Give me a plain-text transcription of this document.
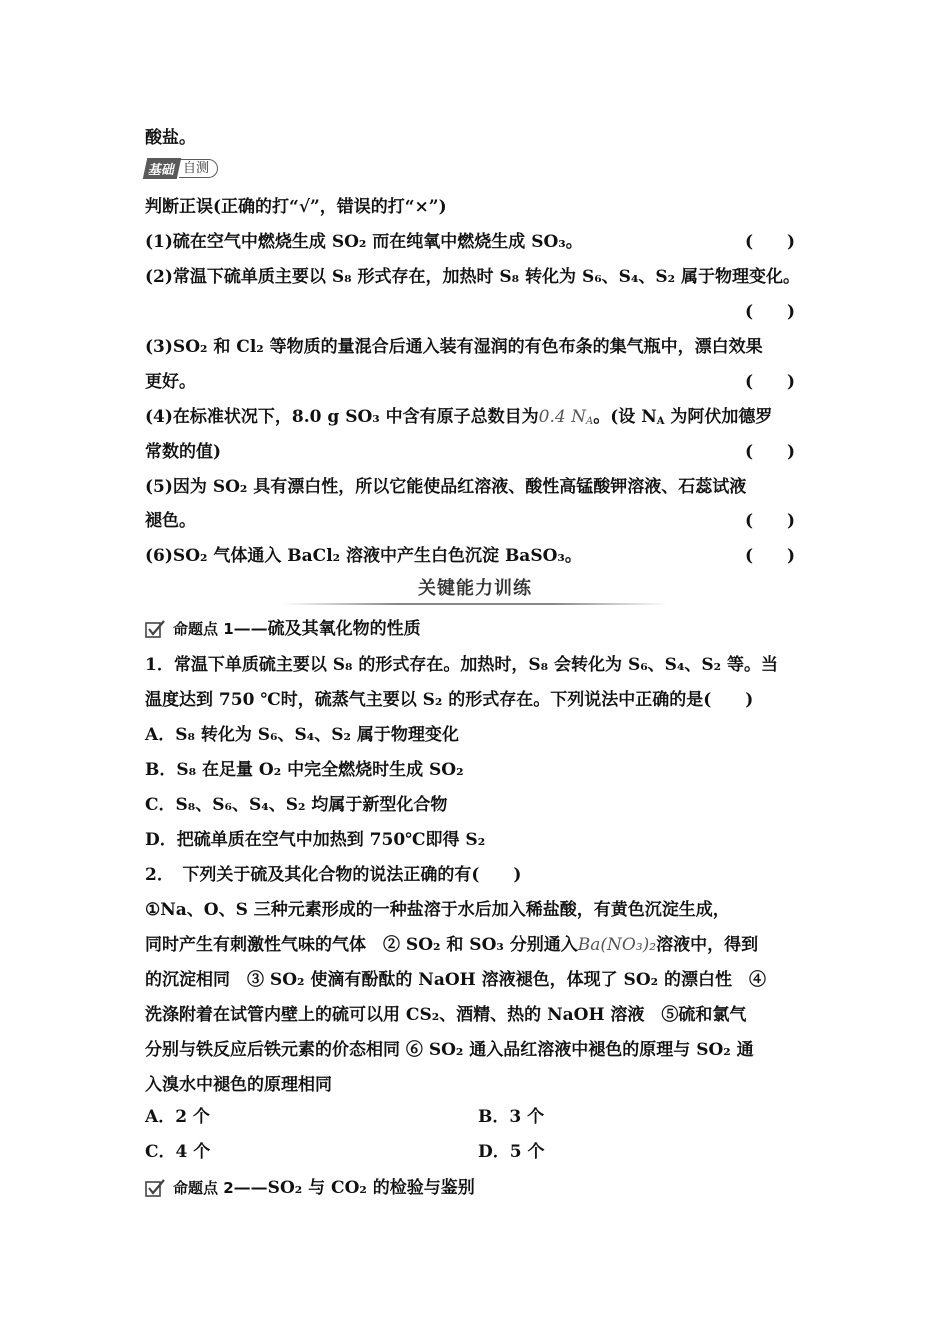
酸盐。
基础 自测
判断正误(正确的打“√”，错误的打“×”)
(1)硫在空气中燃烧生成 SO₂ 而在纯氧中燃烧生成 SO₃。	(　　)
(2)常温下硫单质主要以 S₈ 形式存在，加热时 S₈ 转化为 S₆、S₄、S₂ 属于物理变化。
(　　)
(3)SO₂ 和 Cl₂ 等物质的量混合后通入装有湿润的有色布条的集气瓶中，漂白效果
更好。	(　　)
(4)在标准状况下，8.0 g SO₃ 中含有原子总数目为0.4 $N_A$。(设 $N_A$ 为阿伏加德罗
常数的值)	(　　)
(5)因为 SO₂ 具有漂白性，所以它能使品红溶液、酸性高锰酸钾溶液、石蕊试液
褪色。	(　　)
(6)SO₂ 气体通入 BaCl₂ 溶液中产生白色沉淀 BaSO₃。	(　　)
关键能力训练
命题点 1 ——硫及其氧化物的性质
1．常温下单质硫主要以 S₈ 的形式存在。加热时，S₈ 会转化为 S₆、S₄、S₂ 等。当
温度达到 750 ℃时，硫蒸气主要以 S₂ 的形式存在。下列说法中正确的是(　　)
A．S₈ 转化为 S₆、S₄、S₂ 属于物理变化
B．S₈ 在足量 O₂ 中完全燃烧时生成 SO₂
C．S₈、S₆、S₄、S₂ 均属于新型化合物
D．把硫单质在空气中加热到 750℃即得 S₂
2．　下列关于硫及其化合物的说法正确的有(　　)
①Na、O、S 三种元素形成的一种盐溶于水后加入稀盐酸，有黄色沉淀生成，
同时产生有刺激性气味的气体　② SO₂ 和 SO₃ 分别通入Ba(NO₃)₂溶液中，得到
的沉淀相同　③ SO₂ 使滴有酚酞的 NaOH 溶液褪色，体现了 SO₂ 的漂白性　④
洗涤附着在试管内壁上的硫可以用 CS₂、酒精、热的 NaOH 溶液　⑤硫和氯气
分别与铁反应后铁元素的价态相同 ⑥ SO₂ 通入品红溶液中褪色的原理与 SO₂ 通
入溴水中褪色的原理相同
A．2 个	B．3 个
C．4 个	D．5 个
命题点 2 ——SO₂ 与 CO₂ 的检验与鉴别
